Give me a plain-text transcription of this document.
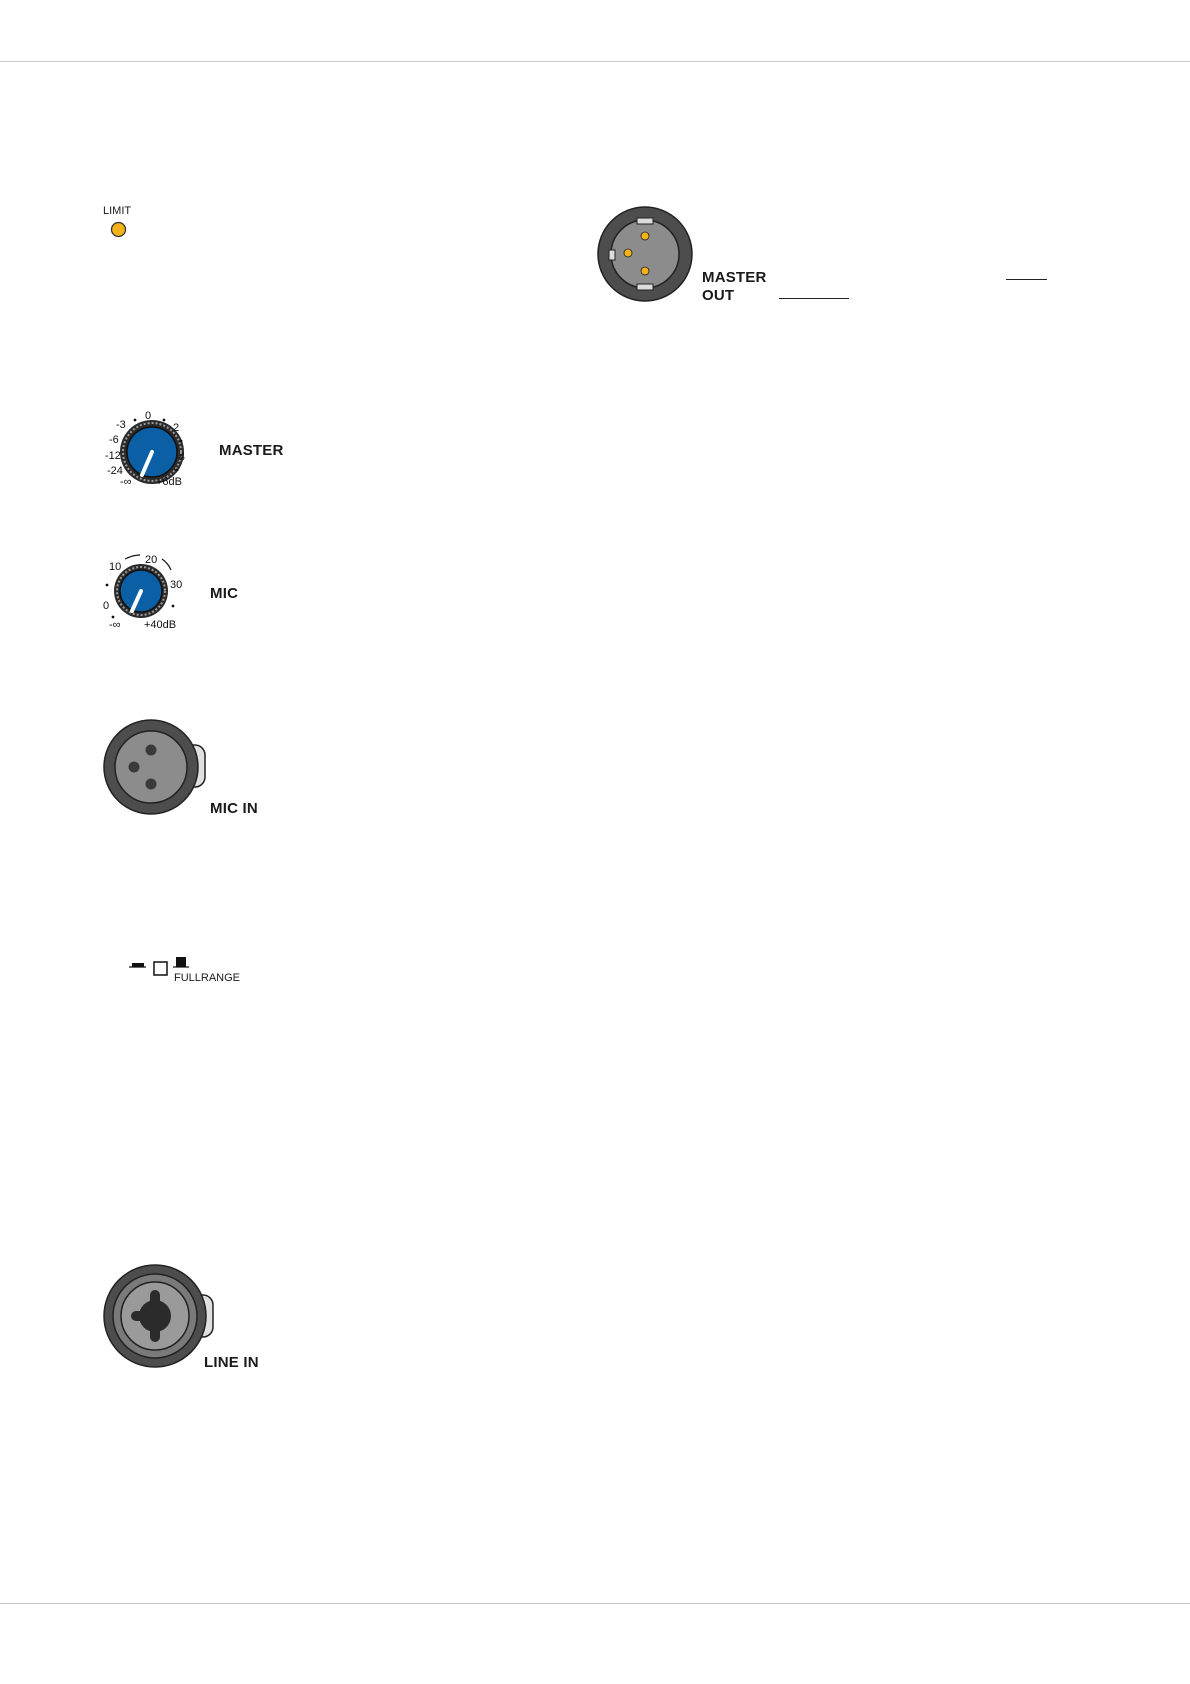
LIMIT
MASTER
OUT
-3
0
2
-6
-12	4
-24
-∞ +6dB
MASTER
10
20
30
0
-∞ +40dB
MIC
MIC IN
FULLRANGE
LINE IN
